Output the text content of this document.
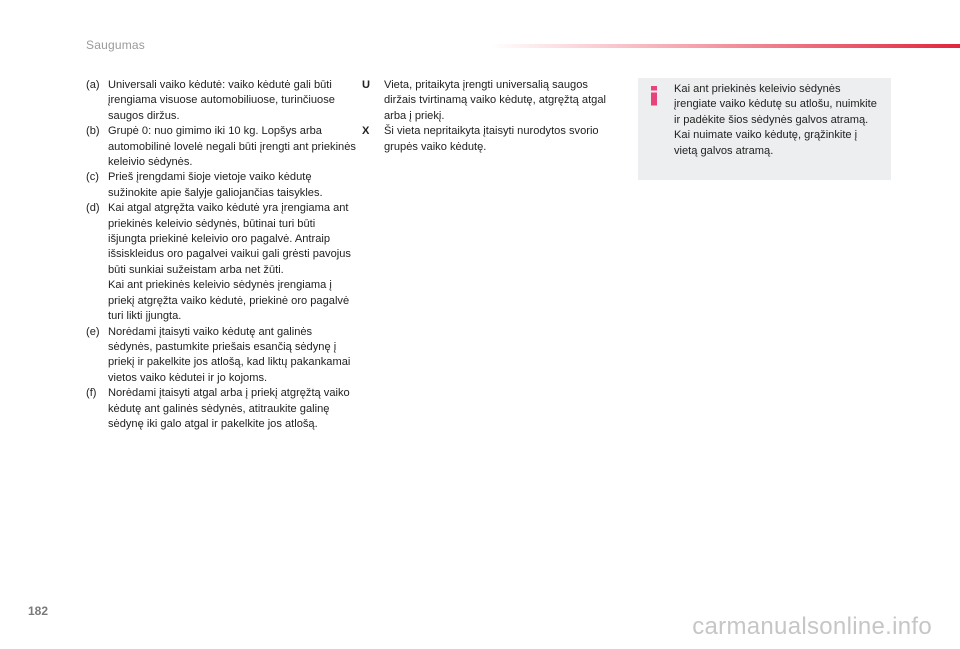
Saugumas
(a) Universali vaiko kėdutė: vaiko kėdutė gali būti įrengiama visuose automobiliuose, turinčiuose saugos diržus.
(b) Grupė 0: nuo gimimo iki 10 kg. Lopšys arba automobilinė lovelė negali būti įrengti ant priekinės keleivio sėdynės.
(c) Prieš įrengdami šioje vietoje vaiko kėdutę sužinokite apie šalyje galiojančias taisykles.
(d) Kai atgal atgręžta vaiko kėdutė yra įrengiama ant priekinės keleivio sėdynės, būtinai turi būti išjungta priekinė keleivio oro pagalvė. Antraip išsiskleidus oro pagalvei vaikui gali grėsti pavojus būti sunkiai sužeistam arba net žūti.
Kai ant priekinės keleivio sėdynės įrengiama į priekį atgręžta vaiko kėdutė, priekinė oro pagalvė turi likti įjungta.
(e) Norėdami įtaisyti vaiko kėdutę ant galinės sėdynės, pastumkite priešais esančią sėdynę į priekį ir pakelkite jos atlošą, kad liktų pakankamai vietos vaiko kėdutei ir jo kojoms.
(f)	Norėdami įtaisyti atgal arba į priekį atgręžtą vaiko kėdutę ant galinės sėdynės, atitraukite galinę sėdynę iki galo atgal ir pakelkite jos atlošą.
U	Vieta, pritaikyta įrengti universalią saugos diržais tvirtinamą vaiko kėdutę, atgręžtą atgal arba į priekį.
X	Ši vieta nepritaikyta įtaisyti nurodytos svorio grupės vaiko kėdutę.
Kai ant priekinės keleivio sėdynės įrengiate vaiko kėdutę su atlošu, nuimkite ir padėkite šios sėdynės galvos atramą.
Kai nuimate vaiko kėdutę, grąžinkite į vietą galvos atramą.
182
carmanualsonline.info
